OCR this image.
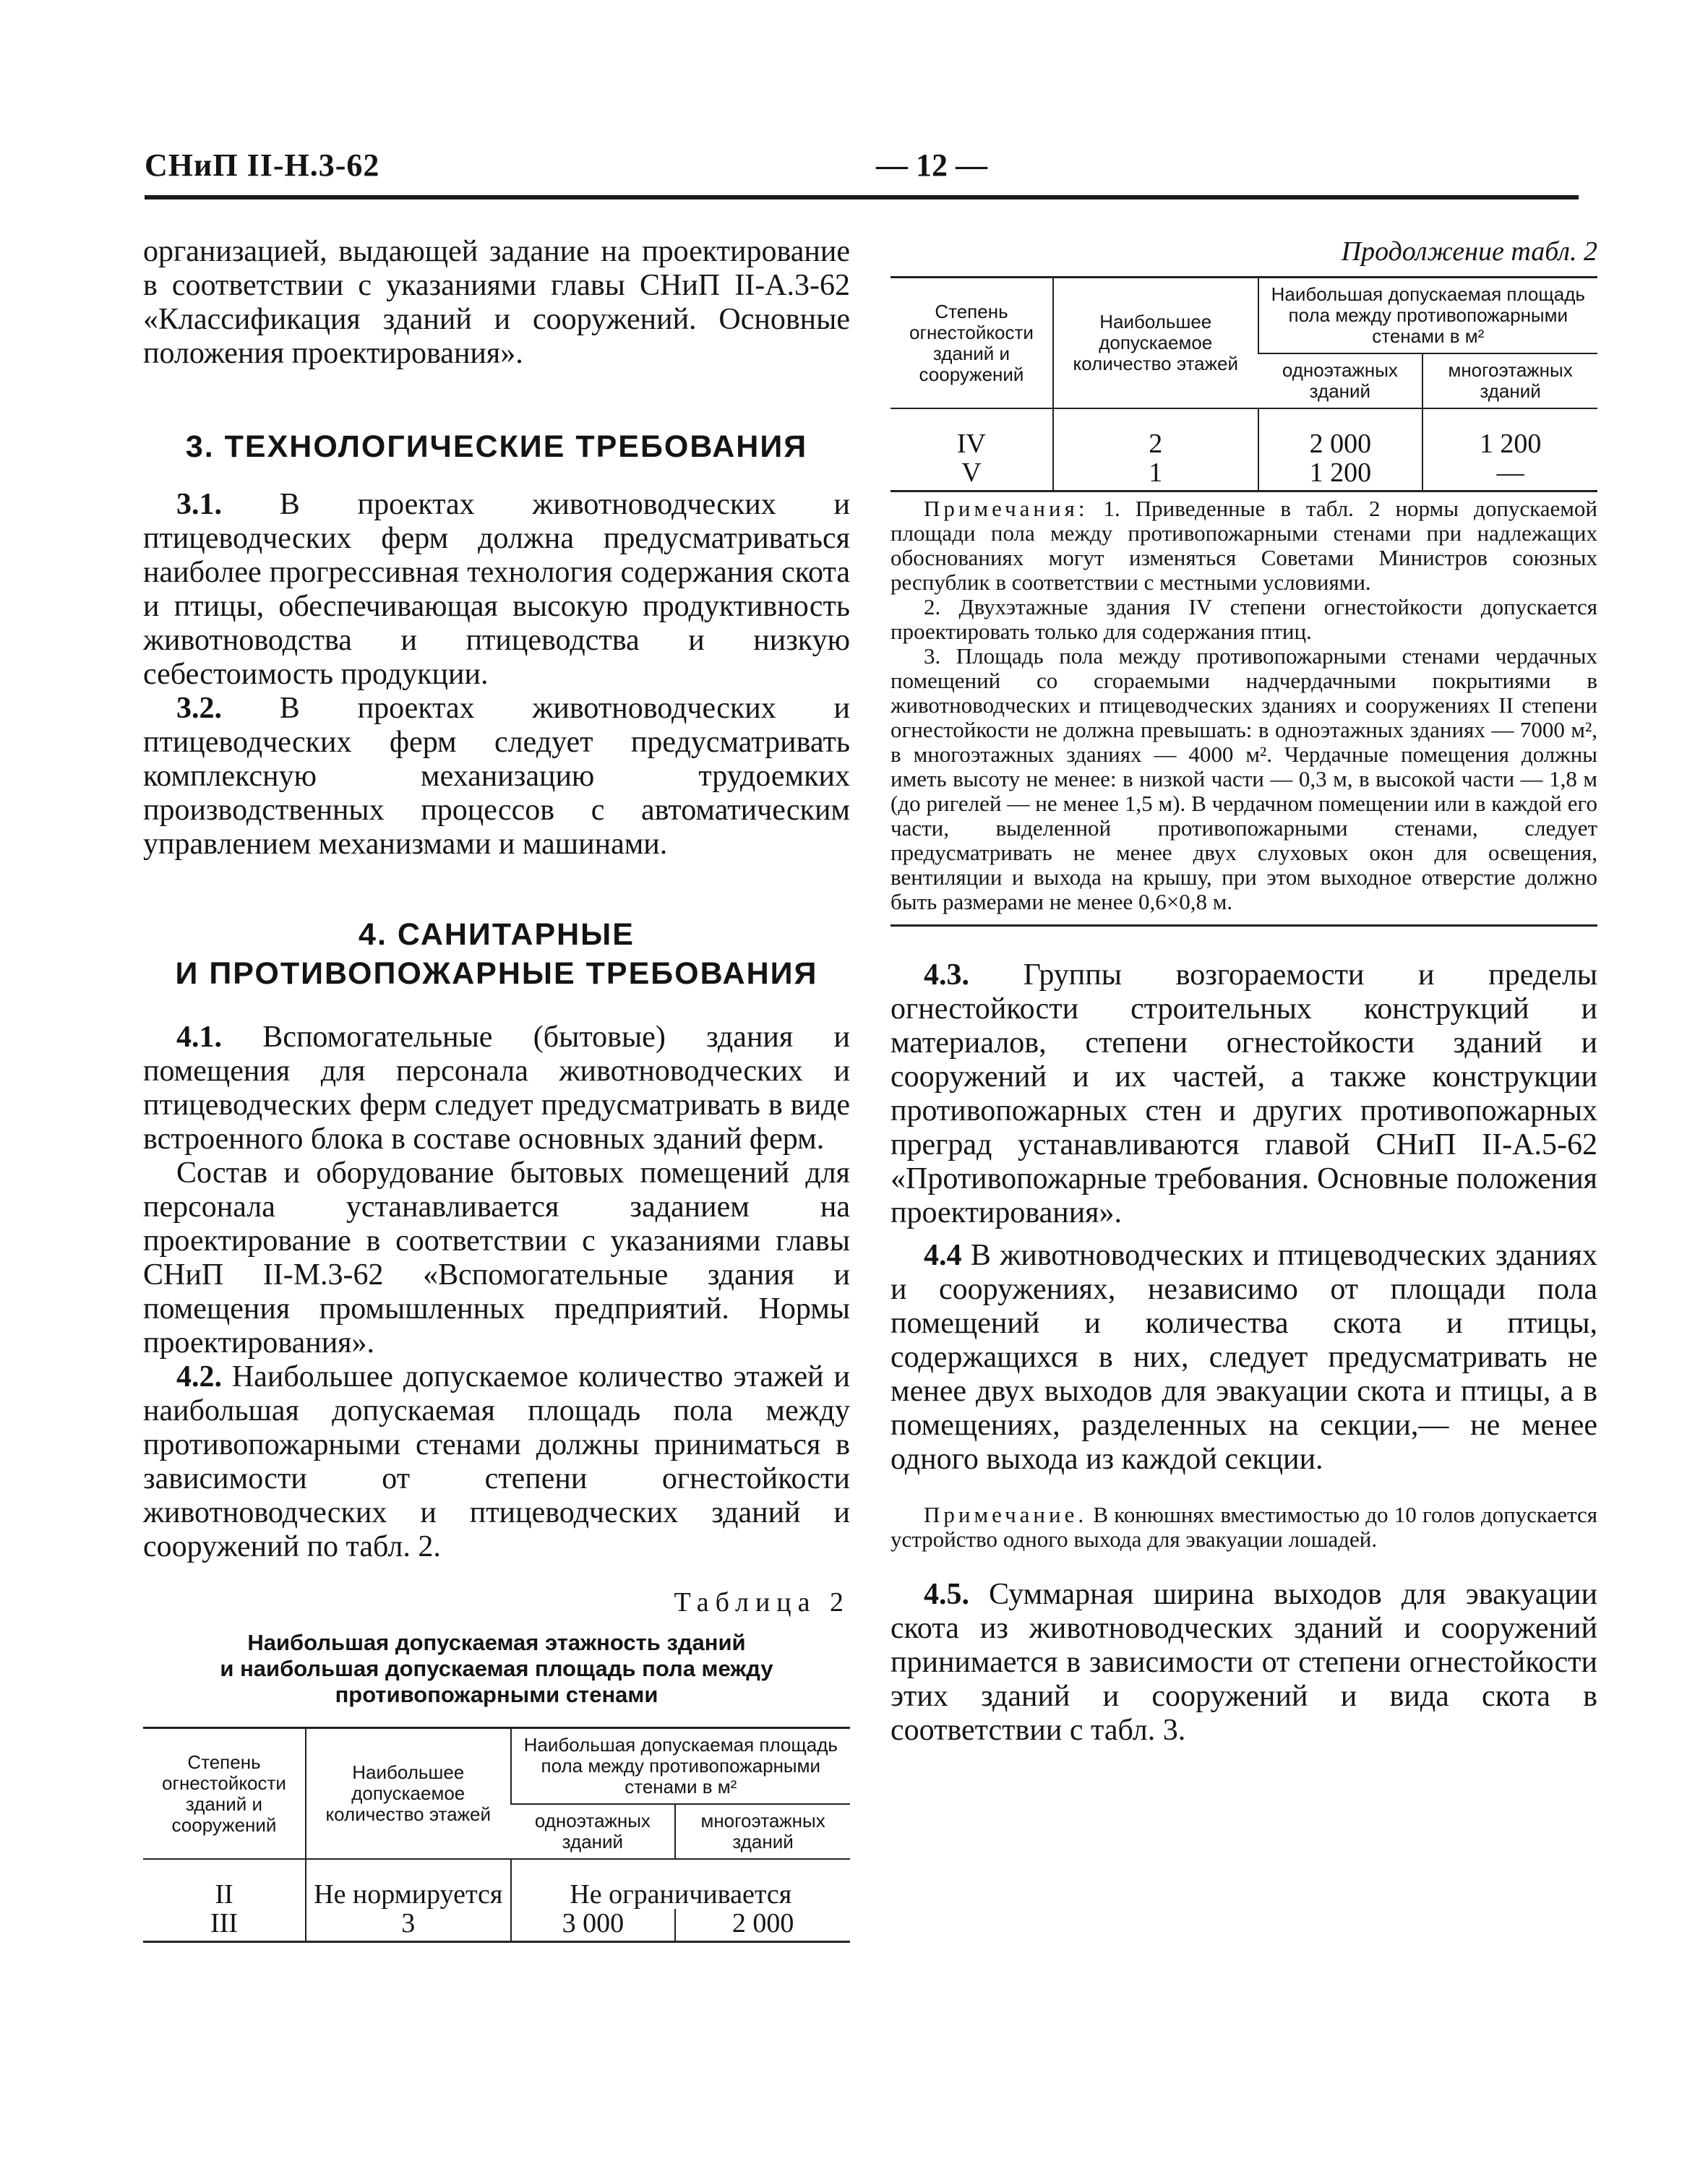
СНиП II-Н.3-62	— 12 —

организацией, выдающей задание на проектирование в соответствии с указаниями главы СНиП II-А.3-62 «Классификация зданий и сооружений. Основные положения проектирования».

3. ТЕХНОЛОГИЧЕСКИЕ ТРЕБОВАНИЯ

3.1. В проектах животноводческих и птицеводческих ферм должна предусматриваться наиболее прогрессивная технология содержания скота и птицы, обеспечивающая высокую продуктивность животноводства и птицеводства и низкую себестоимость продукции.

3.2. В проектах животноводческих и птицеводческих ферм следует предусматривать комплексную механизацию трудоемких производственных процессов с автоматическим управлением механизмами и машинами.

4. САНИТАРНЫЕ
И ПРОТИВОПОЖАРНЫЕ ТРЕБОВАНИЯ

4.1. Вспомогательные (бытовые) здания и помещения для персонала животноводческих и птицеводческих ферм следует предусматривать в виде встроенного блока в составе основных зданий ферм.

Состав и оборудование бытовых помещений для персонала устанавливается заданием на проектирование в соответствии с указаниями главы СНиП II-М.3-62 «Вспомогательные здания и помещения промышленных предприятий. Нормы проектирования».

4.2. Наибольшее допускаемое количество этажей и наибольшая допускаемая площадь пола между противопожарными стенами должны приниматься в зависимости от степени огнестойкости животноводческих и птицеводческих зданий и сооружений по табл. 2.

Таблица 2
Наибольшая допускаемая этажность зданий
и наибольшая допускаемая площадь пола между
противопожарными стенами
Степень огнестойкости зданий и сооружений	Наибольшее допускаемое количество этажей	Наибольшая допускаемая площадь пола между противопожарными стенами в м²	
		одноэтажных зданий	многоэтажных зданий
II	Не нормируется	Не ограничивается	
III	3	3 000	2 000
Продолжение табл. 2
Степень огнестойкости зданий и сооружений	Наибольшее допускаемое количество этажей	Наибольшая допускаемая площадь пола между противопожарными стенами в м²	
		одноэтажных зданий	многоэтажных зданий
IV	2	2 000	1 200
V	1	1 200	—

Примечания: 1. Приведенные в табл. 2 нормы допускаемой площади пола между противопожарными стенами при надлежащих обоснованиях могут изменяться Советами Министров союзных республик в соответствии с местными условиями.

2. Двухэтажные здания IV степени огнестойкости допускается проектировать только для содержания птиц.

3. Площадь пола между противопожарными стенами чердачных помещений со сгораемыми надчердачными покрытиями в животноводческих и птицеводческих зданиях и сооружениях II степени огнестойкости не должна превышать: в одноэтажных зданиях — 7000 м², в многоэтажных зданиях — 4000 м². Чердачные помещения должны иметь высоту не менее: в низкой части — 0,3 м, в высокой части — 1,8 м (до ригелей — не менее 1,5 м). В чердачном помещении или в каждой его части, выделенной противопожарными стенами, следует предусматривать не менее двух слуховых окон для освещения, вентиляции и выхода на крышу, при этом выходное отверстие должно быть размерами не менее 0,6×0,8 м.

4.3. Группы возгораемости и пределы огнестойкости строительных конструкций и материалов, степени огнестойкости зданий и сооружений и их частей, а также конструкции противопожарных стен и других противопожарных преград устанавливаются главой СНиП II-А.5-62 «Противопожарные требования. Основные положения проектирования».

4.4 В животноводческих и птицеводческих зданиях и сооружениях, независимо от площади пола помещений и количества скота и птицы, содержащихся в них, следует предусматривать не менее двух выходов для эвакуации скота и птицы, а в помещениях, разделенных на секции,— не менее одного выхода из каждой секции.

Примечание. В конюшнях вместимостью до 10 голов допускается устройство одного выхода для эвакуации лошадей.

4.5. Суммарная ширина выходов для эвакуации скота из животноводческих зданий и сооружений принимается в зависимости от степени огнестойкости этих зданий и сооружений и вида скота в соответствии с табл. 3.
